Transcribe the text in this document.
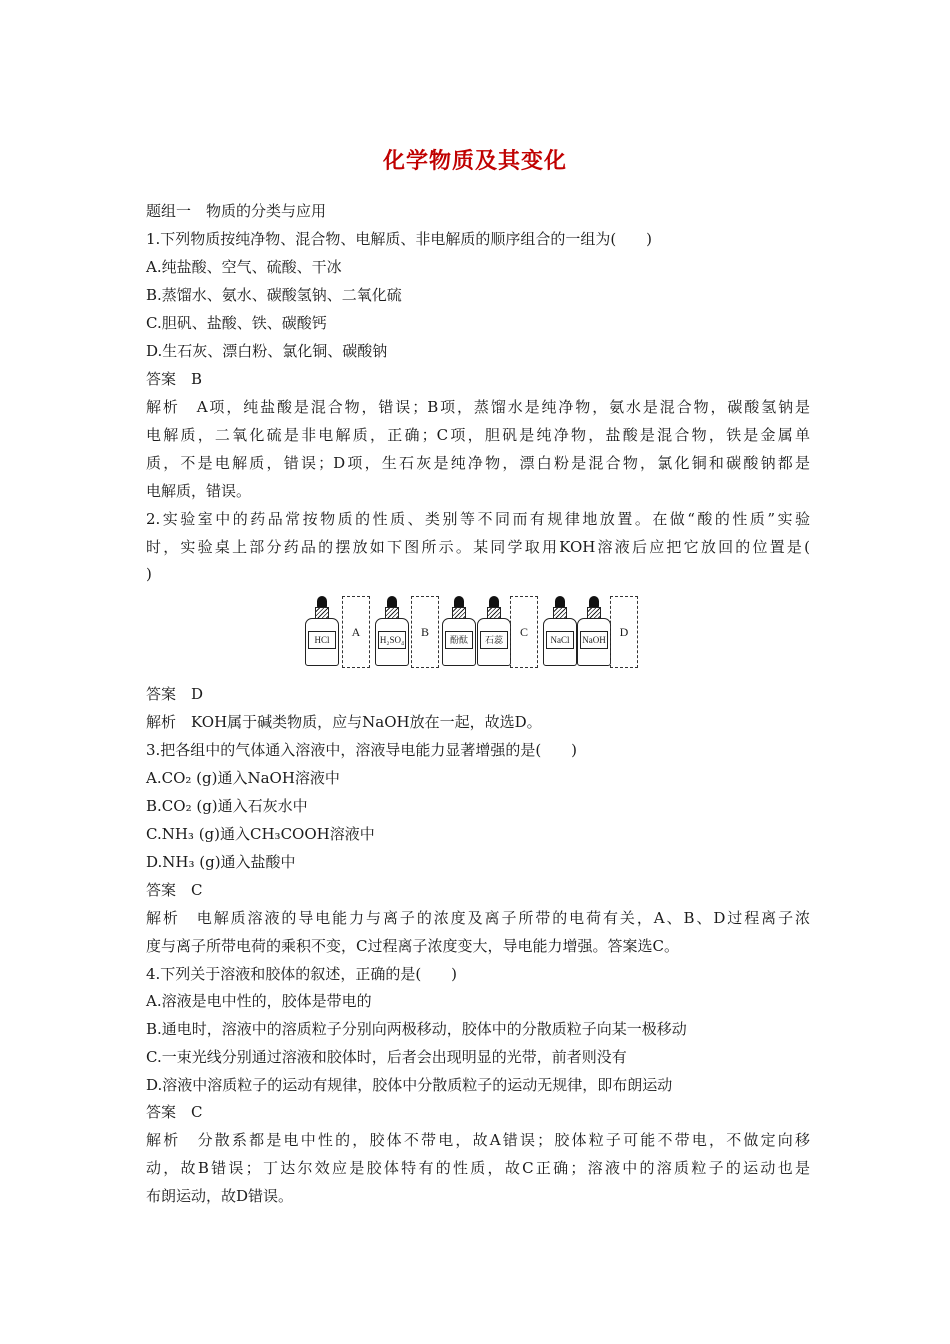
化学物质及其变化
题组一　物质的分类与应用
1.下列物质按纯净物、混合物、电解质、非电解质的顺序组合的一组为(　　)
A.纯盐酸、空气、硫酸、干冰
B.蒸馏水、氨水、碳酸氢钠、二氧化硫
C.胆矾、盐酸、铁、碳酸钙
D.生石灰、漂白粉、氯化铜、碳酸钠
答案　B
解析　A项，纯盐酸是混合物，错误；B项，蒸馏水是纯净物，氨水是混合物，碳酸氢钠是
电解质，二氧化硫是非电解质，正确；C项，胆矾是纯净物，盐酸是混合物，铁是金属单
质，不是电解质，错误；D项，生石灰是纯净物，漂白粉是混合物，氯化铜和碳酸钠都是
电解质，错误。
2.实验室中的药品常按物质的性质、类别等不同而有规律地放置。在做“酸的性质”实验
时，实验桌上部分药品的摆放如下图所示。某同学取用KOH溶液后应把它放回的位置是(
)
HCl
A
H₂SO₄
B
酚酞	石蕊
C
NaCl	NaOH
D
答案　D
解析　KOH属于碱类物质，应与NaOH放在一起，故选D。
3.把各组中的气体通入溶液中，溶液导电能力显著增强的是(　　)
A.CO₂ (g)通入NaOH溶液中
B.CO₂ (g)通入石灰水中
C.NH₃ (g)通入CH₃COOH溶液中
D.NH₃ (g)通入盐酸中
答案　C
解析　电解质溶液的导电能力与离子的浓度及离子所带的电荷有关，A、B、D过程离子浓
度与离子所带电荷的乘积不变，C过程离子浓度变大，导电能力增强。答案选C。
4.下列关于溶液和胶体的叙述，正确的是(　　)
A.溶液是电中性的，胶体是带电的
B.通电时，溶液中的溶质粒子分别向两极移动，胶体中的分散质粒子向某一极移动
C.一束光线分别通过溶液和胶体时，后者会出现明显的光带，前者则没有
D.溶液中溶质粒子的运动有规律，胶体中分散质粒子的运动无规律，即布朗运动
答案　C
解析　分散系都是电中性的，胶体不带电，故A错误；胶体粒子可能不带电，不做定向移
动，故B错误；丁达尔效应是胶体特有的性质，故C正确；溶液中的溶质粒子的运动也是
布朗运动，故D错误。
